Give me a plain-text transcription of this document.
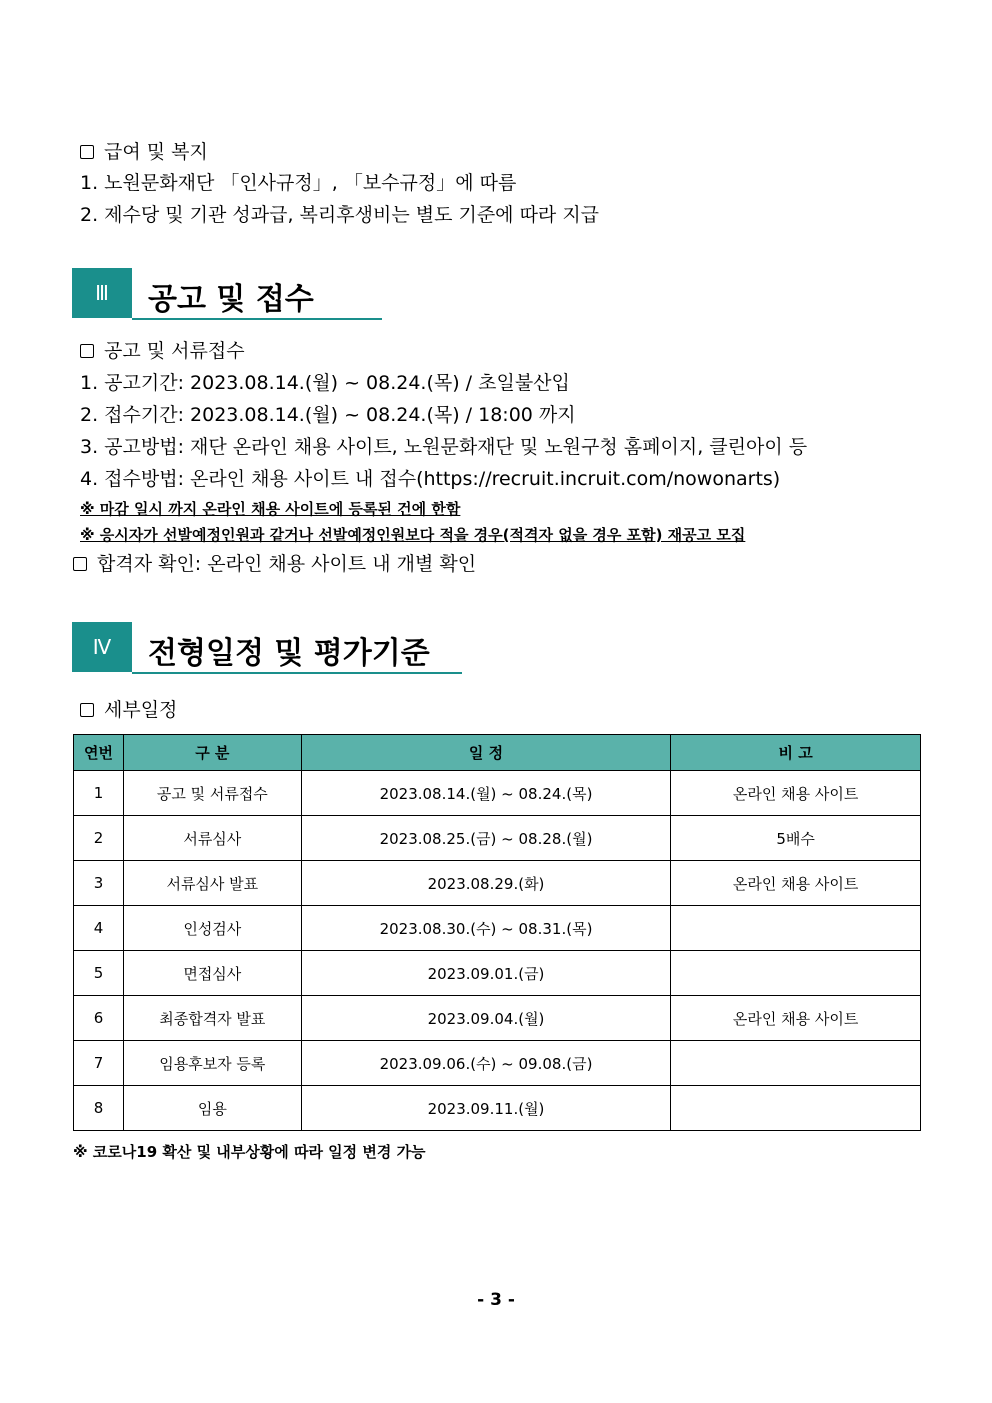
급여 및 복지
1. 노원문화재단 「인사규정」, 「보수규정」에 따름
2. 제수당 및 기관 성과급, 복리후생비는 별도 기준에 따라 지급
Ⅲ	공고 및 접수
공고 및 서류접수
1. 공고기간: 2023.08.14.(월) ~ 08.24.(목) / 초일불산입
2. 접수기간: 2023.08.14.(월) ~ 08.24.(목) / 18:00 까지
3. 공고방법: 재단 온라인 채용 사이트, 노원문화재단 및 노원구청 홈페이지, 클린아이 등
4. 접수방법: 온라인 채용 사이트 내 접수(https://recruit.incruit.com/nowonarts)
※ 마감 일시 까지 온라인 채용 사이트에 등록된 건에 한함
※ 응시자가 선발예정인원과 같거나 선발예정인원보다 적을 경우(적격자 없을 경우 포함) 재공고 모집
합격자 확인: 온라인 채용 사이트 내 개별 확인
Ⅳ	전형일정 및 평가기준
세부일정
연번	구 분	일 정	비 고
1	공고 및 서류접수	2023.08.14.(월) ~ 08.24.(목)	온라인 채용 사이트
2	서류심사	2023.08.25.(금) ~ 08.28.(월)	5배수
3	서류심사 발표	2023.08.29.(화)	온라인 채용 사이트
4	인성검사	2023.08.30.(수) ~ 08.31.(목)	
5	면접심사	2023.09.01.(금)	
6	최종합격자 발표	2023.09.04.(월)	온라인 채용 사이트
7	임용후보자 등록	2023.09.06.(수) ~ 09.08.(금)	
8	임용	2023.09.11.(월)	
※ 코로나19 확산 및 내부상황에 따라 일정 변경 가능
- 3 -
